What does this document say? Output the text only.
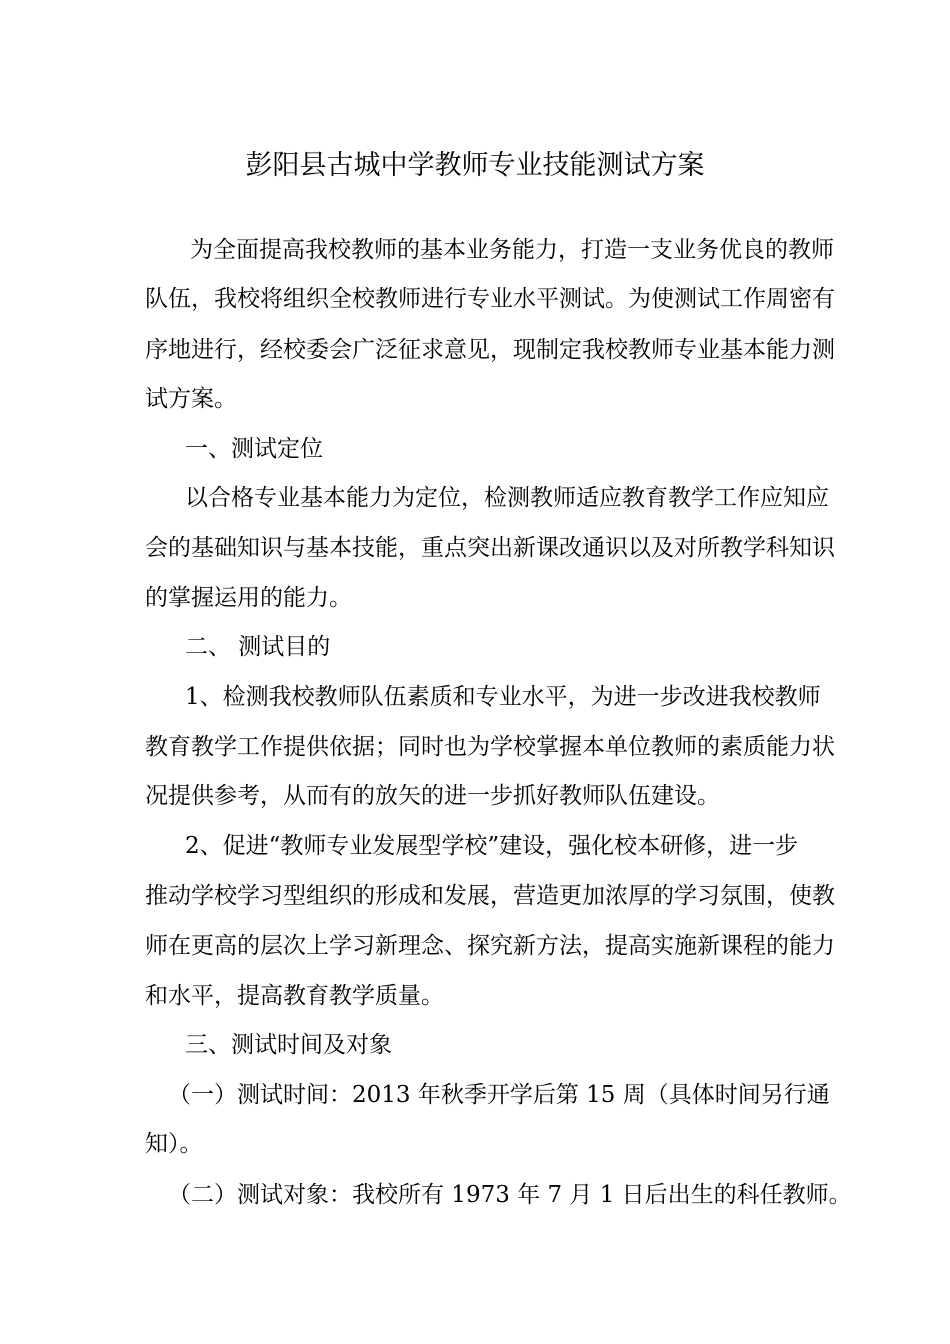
彭阳县古城中学教师专业技能测试方案
为全面提高我校教师的基本业务能力，打造一支业务优良的教师
队伍，我校将组织全校教师进行专业水平测试。为使测试工作周密有
序地进行，经校委会广泛征求意见，现制定我校教师专业基本能力测
试方案。
一、测试定位
以合格专业基本能力为定位，检测教师适应教育教学工作应知应
会的基础知识与基本技能，重点突出新课改通识以及对所教学科知识
的掌握运用的能力。
二、 测试目的
1、检测我校教师队伍素质和专业水平，为进一步改进我校教师
教育教学工作提供依据；同时也为学校掌握本单位教师的素质能力状
况提供参考，从而有的放矢的进一步抓好教师队伍建设。
2、促进“教师专业发展型学校”建设，强化校本研修，进一步
推动学校学习型组织的形成和发展，营造更加浓厚的学习氛围，使教
师在更高的层次上学习新理念、探究新方法，提高实施新课程的能力
和水平，提高教育教学质量。
三、测试时间及对象
（一）测试时间：2013 年秋季开学后第 15 周（具体时间另行通
知）。
（二）测试对象：我校所有 1973 年 7 月 1 日后出生的科任教师。
